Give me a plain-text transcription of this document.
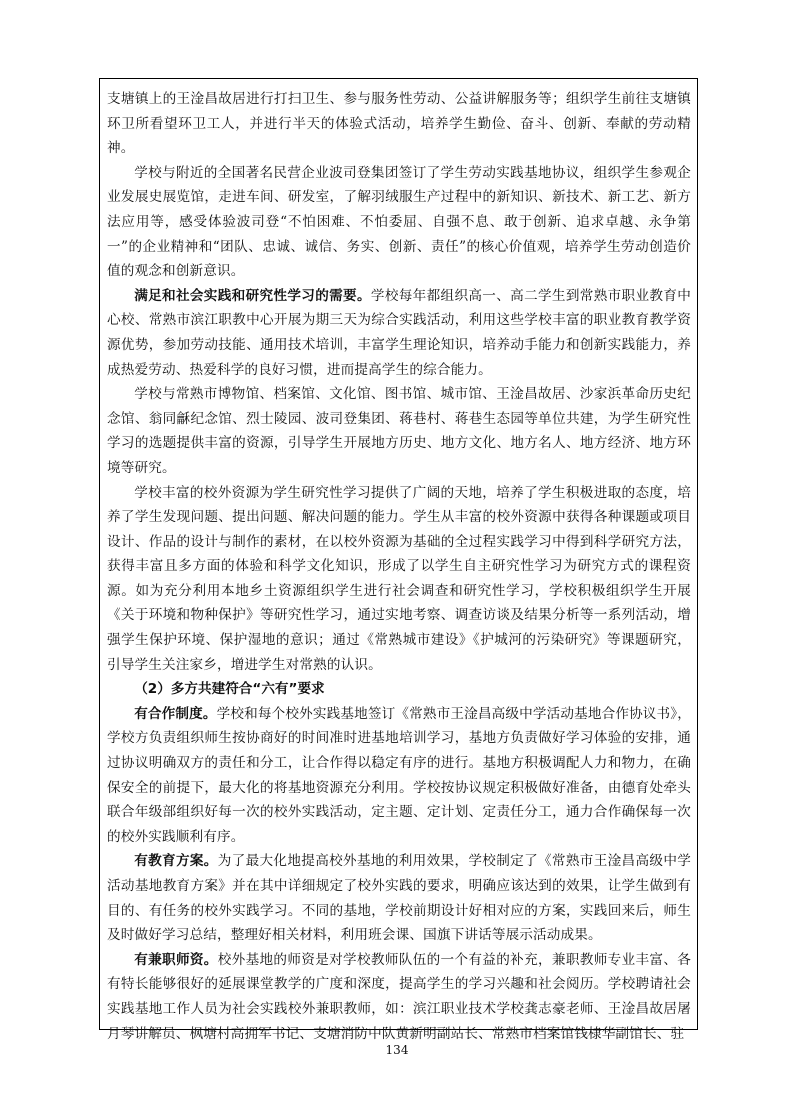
支塘镇上的王淦昌故居进行打扫卫生、参与服务性劳动、公益讲解服务等；组织学生前往支塘镇环卫所看望环卫工人，并进行半天的体验式活动，培养学生勤俭、奋斗、创新、奉献的劳动精神。

学校与附近的全国著名民营企业波司登集团签订了学生劳动实践基地协议，组织学生参观企业发展史展览馆，走进车间、研发室，了解羽绒服生产过程中的新知识、新技术、新工艺、新方法应用等，感受体验波司登“不怕困难、不怕委屈、自强不息、敢于创新、追求卓越、永争第一”的企业精神和“团队、忠诚、诚信、务实、创新、责任”的核心价值观，培养学生劳动创造价值的观念和创新意识。

满足和社会实践和研究性学习的需要。学校每年都组织高一、高二学生到常熟市职业教育中心校、常熟市滨江职教中心开展为期三天为综合实践活动，利用这些学校丰富的职业教育教学资源优势，参加劳动技能、通用技术培训，丰富学生理论知识，培养动手能力和创新实践能力，养成热爱劳动、热爱科学的良好习惯，进而提高学生的综合能力。

学校与常熟市博物馆、档案馆、文化馆、图书馆、城市馆、王淦昌故居、沙家浜革命历史纪念馆、翁同龢纪念馆、烈士陵园、波司登集团、蒋巷村、蒋巷生态园等单位共建，为学生研究性学习的选题提供丰富的资源，引导学生开展地方历史、地方文化、地方名人、地方经济、地方环境等研究。

学校丰富的校外资源为学生研究性学习提供了广阔的天地，培养了学生积极进取的态度，培养了学生发现问题、提出问题、解决问题的能力。学生从丰富的校外资源中获得各种课题或项目设计、作品的设计与制作的素材，在以校外资源为基础的全过程实践学习中得到科学研究方法，获得丰富且多方面的体验和科学文化知识，形成了以学生自主研究性学习为研究方式的课程资源。如为充分利用本地乡土资源组织学生进行社会调查和研究性学习，学校积极组织学生开展《关于环境和物种保护》等研究性学习，通过实地考察、调查访谈及结果分析等一系列活动，增强学生保护环境、保护湿地的意识；通过《常熟城市建设》《护城河的污染研究》等课题研究，引导学生关注家乡，增进学生对常熟的认识。

（2）多方共建符合“六有”要求

有合作制度。学校和每个校外实践基地签订《常熟市王淦昌高级中学活动基地合作协议书》，学校方负责组织师生按协商好的时间准时进基地培训学习，基地方负责做好学习体验的安排，通过协议明确双方的责任和分工，让合作得以稳定有序的进行。基地方积极调配人力和物力，在确保安全的前提下，最大化的将基地资源充分利用。学校按协议规定积极做好准备，由德育处牵头联合年级部组织好每一次的校外实践活动，定主题、定计划、定责任分工，通力合作确保每一次的校外实践顺利有序。

有教育方案。为了最大化地提高校外基地的利用效果，学校制定了《常熟市王淦昌高级中学活动基地教育方案》并在其中详细规定了校外实践的要求，明确应该达到的效果，让学生做到有目的、有任务的校外实践学习。不同的基地，学校前期设计好相对应的方案，实践回来后，师生及时做好学习总结，整理好相关材料，利用班会课、国旗下讲话等展示活动成果。

有兼职师资。校外基地的师资是对学校教师队伍的一个有益的补充，兼职教师专业丰富、各有特长能够很好的延展课堂教学的广度和深度，提高学生的学习兴趣和社会阅历。学校聘请社会实践基地工作人员为社会实践校外兼职教师，如：滨江职业技术学校龚志豪老师、王淦昌故居屠月琴讲解员、枫塘村高拥军书记、支塘消防中队黄新明副站长、常熟市档案馆钱棣华副馆长、驻

134
